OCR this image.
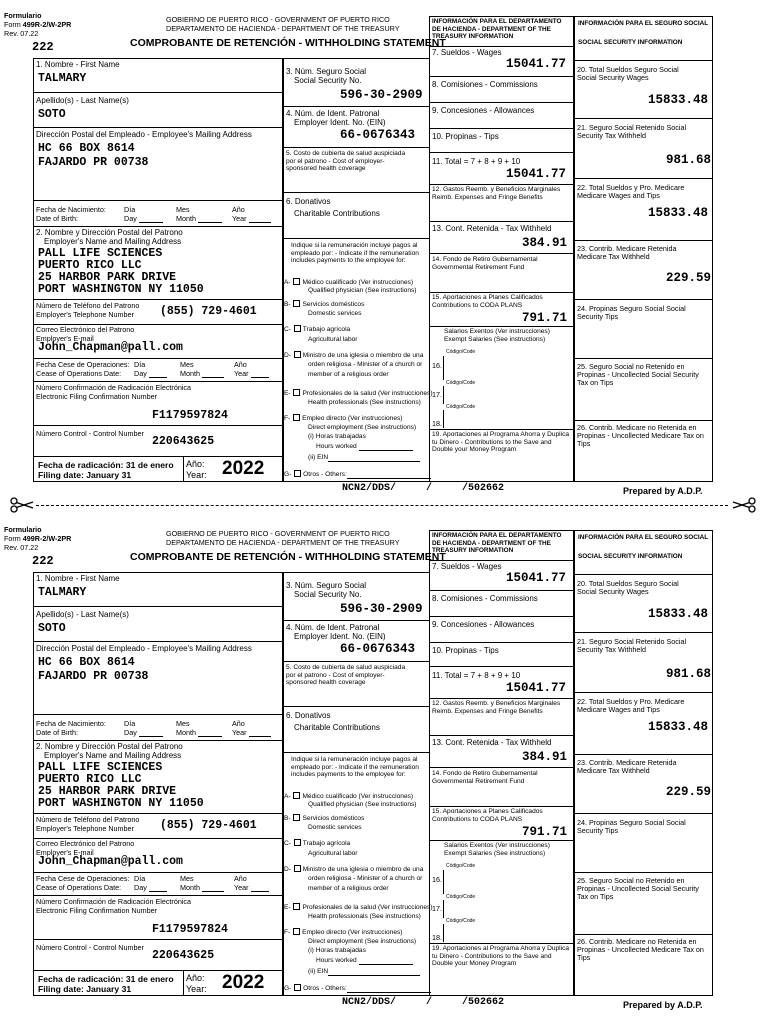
Formulario
Form 499R-2/W-2PR
Rev. 07.22
222
GOBIERNO DE PUERTO RICO - GOVERNMENT OF PUERTO RICO
DEPARTAMENTO DE HACIENDA - DEPARTMENT OF THE TREASURY
COMPROBANTE DE RETENCIÓN - WITHHOLDING STATEMENT
1. Nombre - First Name
TALMARY
Apellido(s) - Last Name(s)
SOTO
Dirección Postal del Empleado - Employee's Mailing Address
HC 66 BOX 8614
FAJARDO PR 00738
Fecha de Nacimiento:
Date of Birth:
Día	Mes	Año
Day	Month	Year
2. Nombre y Dirección Postal del Patrono
Employer's Name and Mailing Address
PALL LIFE SCIENCES
PUERTO RICO LLC
25 HARBOR PARK DRIVE
PORT WASHINGTON NY 11050
Número de Teléfono del Patrono
Employer's Telephone Number (855) 729-4601
Correo Electrónico del Patrono
Employer's E-mail
John_Chapman@pall.com
Fecha Cese de Operaciones:
Cease of Operations Date:
Día	Mes	Año
Day	Month	Year
Número Confirmación de Radicación Electrónica
Electronic Filing Confirmation Number
F1179597824
Número Control - Control Number
220643625
Fecha de radicación: 31 de enero
Filing date: January 31
Año:
Year: 2022
3. Núm. Seguro Social
Social Security No.
596-30-2909
4. Núm. de Ident. Patronal
Employer Ident. No. (EIN)
66-0676343
5. Costo de cubierta de salud auspiciada por el patrono - Cost of employer-sponsored health coverage
6. Donativos
Charitable Contributions
Indique si la remuneración incluye pagos al empleado por: - Indicate if the remuneration includes payments to the employee for:
A- Médico cualificado (Ver instrucciones)
Qualified physician (See instructions)
B- Servicios domésticos
Domestic services
C- Trabajo agrícola
Agricultural labor
D- Ministro de una iglesia o miembro de una
orden religiosa - Minister of a church or
member of a religious order
E- Profesionales de la salud (Ver instrucciones)
Health professionals (See instructions)
F- Empleo directo (Ver instrucciones)
Direct employment (See instructions)
(i) Horas trabajadas
Hours worked
(ii) EIN
G- Otros - Others:
INFORMACIÓN PARA EL DEPARTAMENTO DE HACIENDA - DEPARTMENT OF THE TREASURY INFORMATION
7. Sueldos - Wages
15041.77
8. Comisiones - Commissions
9. Concesiones - Allowances
10. Propinas - Tips
11. Total = 7 + 8 + 9 + 10
15041.77
12. Gastos Reemb. y Beneficios Marginales Reimb. Expenses and Fringe Benefits
13. Cont. Retenida - Tax Withheld
384.91
14. Fondo de Retiro Gubernamental Governmental Retirement Fund
15. Aportaciones a Planes Calificados Contributions to CODA PLANS
791.71
Salarios Exentos (Ver instrucciones) Exempt Salaries (See instructions)
Código/Code
16.
Código/Code
17.
Código/Code
18.
19. Aportaciones al Programa Ahorra y Duplica tu Dinero - Contributions to the Save and Double your Money Program
INFORMACIÓN PARA EL SEGURO SOCIAL
SOCIAL SECURITY INFORMATION
20. Total Sueldos Seguro Social Social Security Wages
15833.48
21. Seguro Social Retenido Social Security Tax Withheld
981.68
22. Total Sueldos y Pro. Medicare Medicare Wages and Tips
15833.48
23. Contrib. Medicare Retenida Medicare Tax Withheld
229.59
24. Propinas Seguro Social Social Security Tips
25. Seguro Social no Retenido en Propinas - Uncollected Social Security Tax on Tips
26. Contrib. Medicare no Retenida en Propinas - Uncollected Medicare Tax on Tips
NCN2/DDS/     /     /502662	Prepared by A.D.P.
Formulario
Form 499R-2/W-2PR
Rev. 07.22
222
GOBIERNO DE PUERTO RICO - GOVERNMENT OF PUERTO RICO
DEPARTAMENTO DE HACIENDA - DEPARTMENT OF THE TREASURY
COMPROBANTE DE RETENCIÓN - WITHHOLDING STATEMENT
1. Nombre - First Name
TALMARY
Apellido(s) - Last Name(s)
SOTO
Dirección Postal del Empleado - Employee's Mailing Address
HC 66 BOX 8614
FAJARDO PR 00738
Fecha de Nacimiento:
Date of Birth:
Día	Mes	Año
Day	Month	Year
2. Nombre y Dirección Postal del Patrono
Employer's Name and Mailing Address
PALL LIFE SCIENCES
PUERTO RICO LLC
25 HARBOR PARK DRIVE
PORT WASHINGTON NY 11050
Número de Teléfono del Patrono
Employer's Telephone Number (855) 729-4601
Correo Electrónico del Patrono
Employer's E-mail
John_Chapman@pall.com
Fecha Cese de Operaciones:
Cease of Operations Date:
Día	Mes	Año
Day	Month	Year
Número Confirmación de Radicación Electrónica
Electronic Filing Confirmation Number
F1179597824
Número Control - Control Number
220643625
Fecha de radicación: 31 de enero
Filing date: January 31
Año:
Year: 2022
3. Núm. Seguro Social
Social Security No.
596-30-2909
4. Núm. de Ident. Patronal
Employer Ident. No. (EIN)
66-0676343
5. Costo de cubierta de salud auspiciada por el patrono - Cost of employer-sponsored health coverage
6. Donativos
Charitable Contributions
Indique si la remuneración incluye pagos al empleado por: - Indicate if the remuneration includes payments to the employee for:
A- Médico cualificado (Ver instrucciones)
Qualified physician (See instructions)
B- Servicios domésticos
Domestic services
C- Trabajo agrícola
Agricultural labor
D- Ministro de una iglesia o miembro de una
orden religiosa - Minister of a church or
member of a religious order
E- Profesionales de la salud (Ver instrucciones)
Health professionals (See instructions)
F- Empleo directo (Ver instrucciones)
Direct employment (See instructions)
(i) Horas trabajadas
Hours worked
(ii) EIN
G- Otros - Others:
INFORMACIÓN PARA EL DEPARTAMENTO DE HACIENDA - DEPARTMENT OF THE TREASURY INFORMATION
7. Sueldos - Wages
15041.77
8. Comisiones - Commissions
9. Concesiones - Allowances
10. Propinas - Tips
11. Total = 7 + 8 + 9 + 10
15041.77
12. Gastos Reemb. y Beneficios Marginales Reimb. Expenses and Fringe Benefits
13. Cont. Retenida - Tax Withheld
384.91
14. Fondo de Retiro Gubernamental Governmental Retirement Fund
15. Aportaciones a Planes Calificados Contributions to CODA PLANS
791.71
Salarios Exentos (Ver instrucciones) Exempt Salaries (See instructions)
Código/Code
16.
Código/Code
17.
Código/Code
18.
19. Aportaciones al Programa Ahorra y Duplica tu Dinero - Contributions to the Save and Double your Money Program
INFORMACIÓN PARA EL SEGURO SOCIAL
SOCIAL SECURITY INFORMATION
20. Total Sueldos Seguro Social Social Security Wages
15833.48
21. Seguro Social Retenido Social Security Tax Withheld
981.68
22. Total Sueldos y Pro. Medicare Medicare Wages and Tips
15833.48
23. Contrib. Medicare Retenida Medicare Tax Withheld
229.59
24. Propinas Seguro Social Social Security Tips
25. Seguro Social no Retenido en Propinas - Uncollected Social Security Tax on Tips
26. Contrib. Medicare no Retenida en Propinas - Uncollected Medicare Tax on Tips
NCN2/DDS/     /     /502662	Prepared by A.D.P.
